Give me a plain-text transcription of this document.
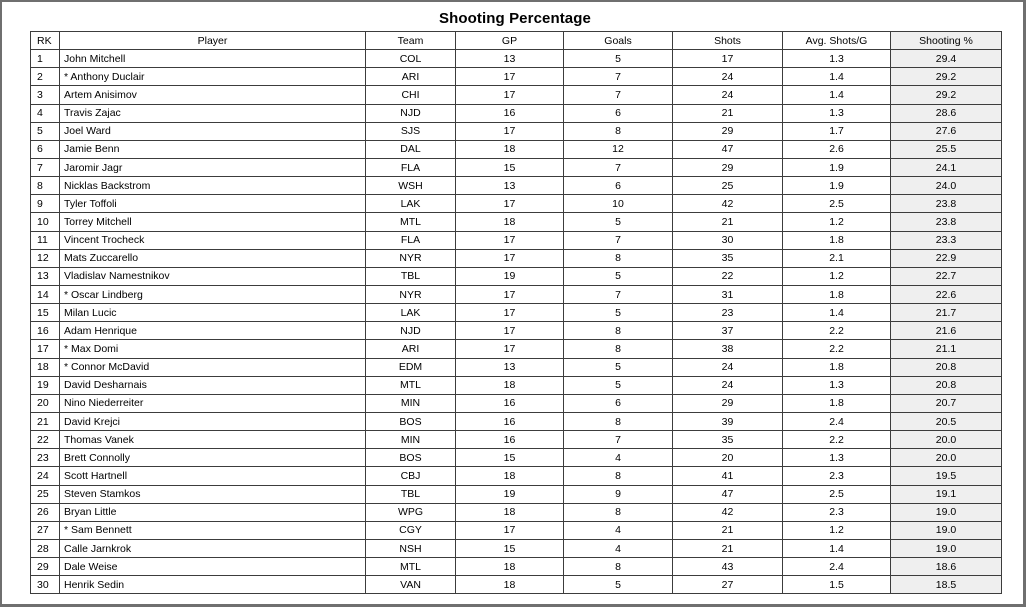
Shooting Percentage
RK	Player	Team	GP	Goals	Shots	Avg. Shots/G	Shooting %
1	John Mitchell	COL	13	5	17	1.3	29.4
2	* Anthony Duclair	ARI	17	7	24	1.4	29.2
3	Artem Anisimov	CHI	17	7	24	1.4	29.2
4	Travis Zajac	NJD	16	6	21	1.3	28.6
5	Joel Ward	SJS	17	8	29	1.7	27.6
6	Jamie Benn	DAL	18	12	47	2.6	25.5
7	Jaromir Jagr	FLA	15	7	29	1.9	24.1
8	Nicklas Backstrom	WSH	13	6	25	1.9	24.0
9	Tyler Toffoli	LAK	17	10	42	2.5	23.8
10	Torrey Mitchell	MTL	18	5	21	1.2	23.8
11	Vincent Trocheck	FLA	17	7	30	1.8	23.3
12	Mats Zuccarello	NYR	17	8	35	2.1	22.9
13	Vladislav Namestnikov	TBL	19	5	22	1.2	22.7
14	* Oscar Lindberg	NYR	17	7	31	1.8	22.6
15	Milan Lucic	LAK	17	5	23	1.4	21.7
16	Adam Henrique	NJD	17	8	37	2.2	21.6
17	* Max Domi	ARI	17	8	38	2.2	21.1
18	* Connor McDavid	EDM	13	5	24	1.8	20.8
19	David Desharnais	MTL	18	5	24	1.3	20.8
20	Nino Niederreiter	MIN	16	6	29	1.8	20.7
21	David Krejci	BOS	16	8	39	2.4	20.5
22	Thomas Vanek	MIN	16	7	35	2.2	20.0
23	Brett Connolly	BOS	15	4	20	1.3	20.0
24	Scott Hartnell	CBJ	18	8	41	2.3	19.5
25	Steven Stamkos	TBL	19	9	47	2.5	19.1
26	Bryan Little	WPG	18	8	42	2.3	19.0
27	* Sam Bennett	CGY	17	4	21	1.2	19.0
28	Calle Jarnkrok	NSH	15	4	21	1.4	19.0
29	Dale Weise	MTL	18	8	43	2.4	18.6
30	Henrik Sedin	VAN	18	5	27	1.5	18.5
